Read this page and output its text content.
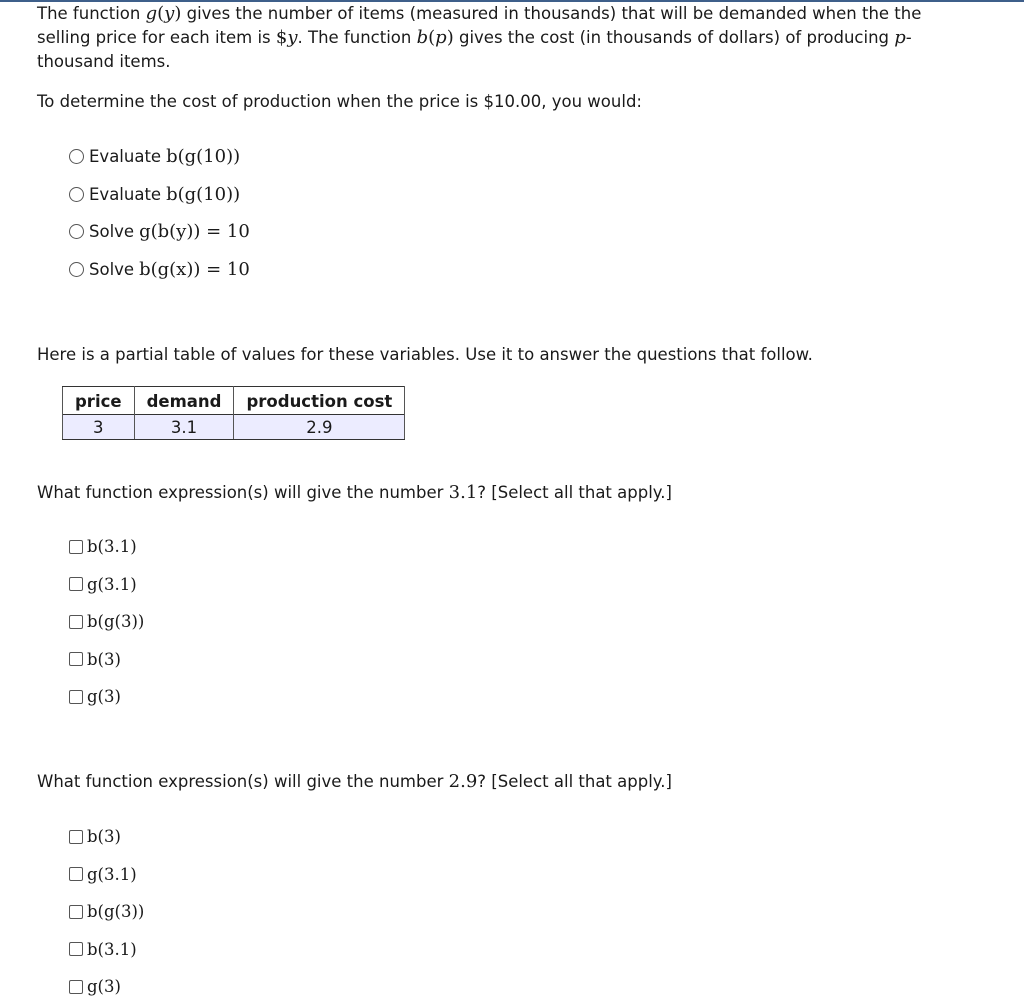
The function g(y) gives the number of items (measured in thousands) that will be demanded when the the selling price for each item is $y. The function b(p) gives the cost (in thousands of dollars) of producing p-thousand items.

To determine the cost of production when the price is $10.00, you would:

Evaluate b(g(10))
Evaluate b(g(10))
Solve g(b(y)) = 10
Solve b(g(x)) = 10

Here is a partial table of values for these variables. Use it to answer the questions that follow.

price	demand	production cost
3	3.1	2.9

What function expression(s) will give the number 3.1? [Select all that apply.]

b(3.1)
g(3.1)
b(g(3))
b(3)
g(3)

What function expression(s) will give the number 2.9? [Select all that apply.]

b(3)
g(3.1)
b(g(3))
b(3.1)
g(3)
